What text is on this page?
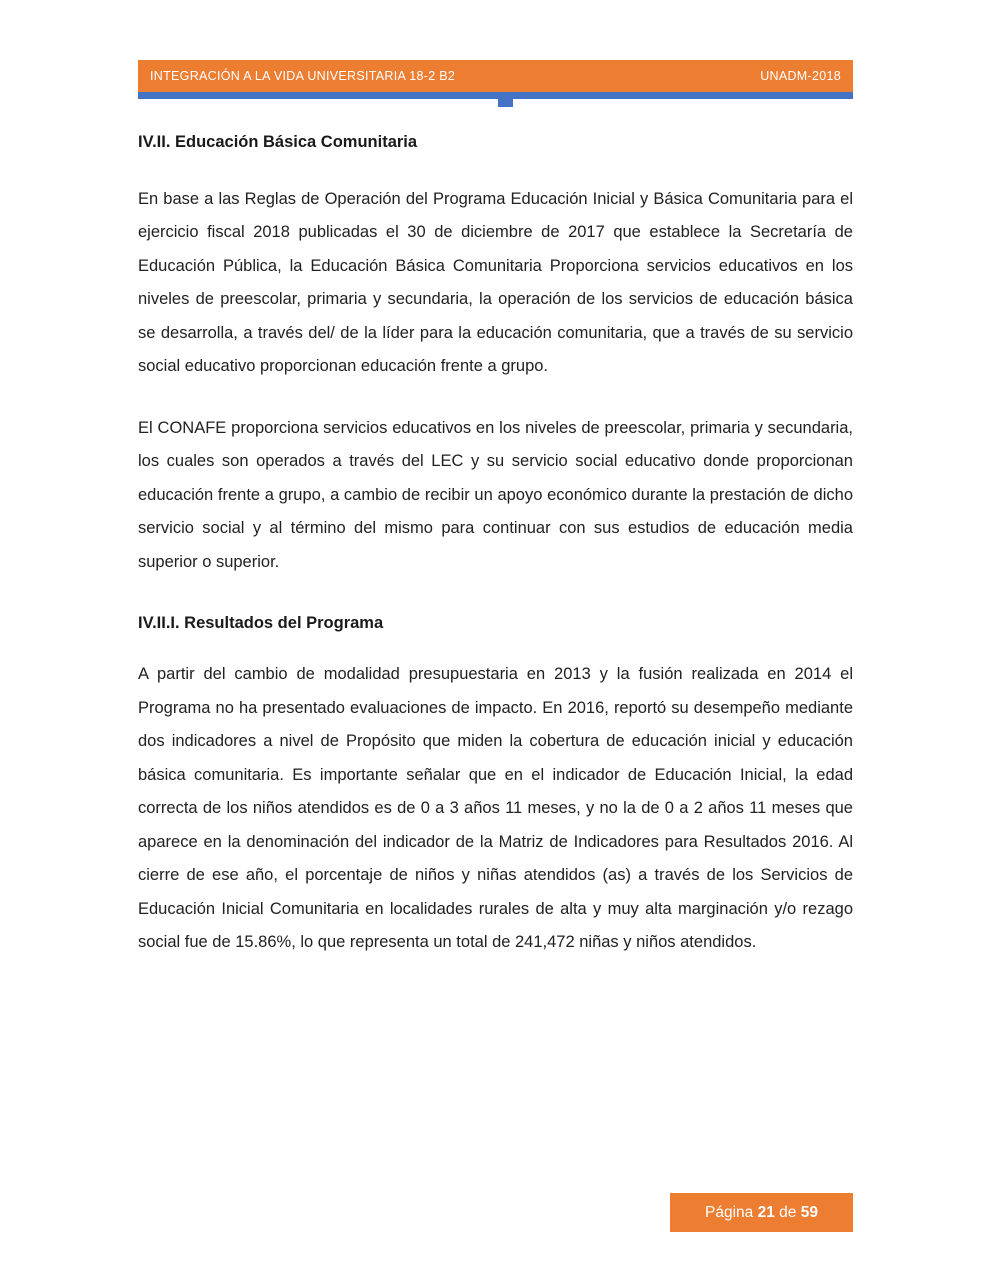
INTEGRACIÓN A LA VIDA UNIVERSITARIA 18-2 B2	UNADM-2018
IV.II. Educación Básica Comunitaria

En base a las Reglas de Operación del Programa Educación Inicial y Básica Comunitaria para el ejercicio fiscal 2018 publicadas el 30 de diciembre de 2017 que establece la Secretaría de Educación Pública, la Educación Básica Comunitaria Proporciona servicios educativos en los niveles de preescolar, primaria y secundaria, la operación de los servicios de educación básica se desarrolla, a través del/ de la líder para la educación comunitaria, que a través de su servicio social educativo proporcionan educación frente a grupo.

El CONAFE proporciona servicios educativos en los niveles de preescolar, primaria y secundaria, los cuales son operados a través del LEC y su servicio social educativo donde proporcionan educación frente a grupo, a cambio de recibir un apoyo económico durante la prestación de dicho servicio social y al término del mismo para continuar con sus estudios de educación media superior o superior.

IV.II.I. Resultados del Programa

A partir del cambio de modalidad presupuestaria en 2013 y la fusión realizada en 2014 el Programa no ha presentado evaluaciones de impacto. En 2016, reportó su desempeño mediante dos indicadores a nivel de Propósito que miden la cobertura de educación inicial y educación básica comunitaria. Es importante señalar que en el indicador de Educación Inicial, la edad correcta de los niños atendidos es de 0 a 3 años 11 meses, y no la de 0 a 2 años 11 meses que aparece en la denominación del indicador de la Matriz de Indicadores para Resultados 2016. Al cierre de ese año, el porcentaje de niños y niñas atendidos (as) a través de los Servicios de Educación Inicial Comunitaria en localidades rurales de alta y muy alta marginación y/o rezago social fue de 15.86%, lo que representa un total de 241,472 niñas y niños atendidos.

Página 21 de 59
